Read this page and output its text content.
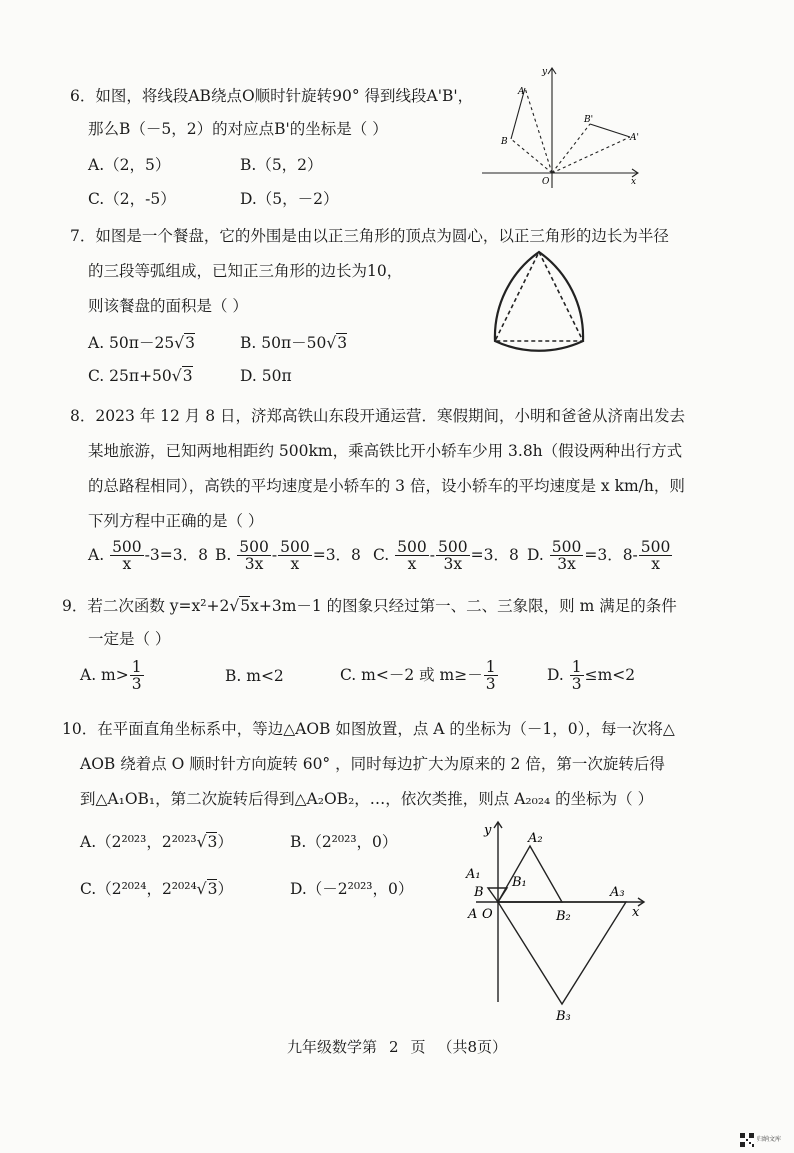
6．如图，将线段AB绕点O顺时针旋转90° 得到线段A'B'，
那么B（－5，2）的对应点B'的坐标是（ ）
A.（2，5）	B.（5，2）
C.（2，-5）	D.（5，－2）
y
x
O
A
B
B'
A'
7．如图是一个餐盘，它的外围是由以正三角形的顶点为圆心，以正三角形的边长为半径
的三段等弧组成，已知正三角形的边长为10，
则该餐盘的面积是（ ）
A. 50π－25√3	B. 50π－50√3
C. 25π+50√3	D. 50π
8．2023 年 12 月 8 日，济郑高铁山东段开通运营．寒假期间，小明和爸爸从济南出发去
某地旅游，已知两地相距约 500km，乘高铁比开小轿车少用 3.8h（假设两种出行方式
的总路程相同），高铁的平均速度是小轿车的 3 倍，设小轿车的平均速度是 x km/h，则
下列方程中正确的是（ ）
A. $\frac{500}{x} -3=3$．8 B. $\frac{500}{3x} - \frac{500}{x} =3$．8 C. $\frac{500}{x} - \frac{500}{3x} =3$．8 D. $\frac{500}{3x} =3$．$8- \frac{500}{x}$
9．若二次函数 y=x²+2√5x+3m－1 的图象只经过第一、二、三象限，则 m 满足的条件
一定是（ ）
A. $m> \frac{1}{3}$	B. m<2	C. m<－2 或 $m\ge- \frac{1}{3}$	D. $\frac{1}{3} \le m<2$
10．在平面直角坐标系中，等边△AOB 如图放置，点 A 的坐标为（－1，0），每一次将△
AOB 绕着点 O 顺时针方向旋转 60° ，同时每边扩大为原来的 2 倍，第一次旋转后得
到△A₁OB₁，第二次旋转后得到△A₂OB₂，…，依次类推，则点 A₂₀₂₄ 的坐标为（ ）
A.（2²⁰²³，2²⁰²³√3）	B.（2²⁰²³，0）
C.（2²⁰²⁴，2²⁰²⁴√3）	D.（－2²⁰²³，0）
y
x
A O
B
A₁
B₁
A₂
B₂
A₃
B₃
九年级数学第 2 页 （共8页）
归纳文库
